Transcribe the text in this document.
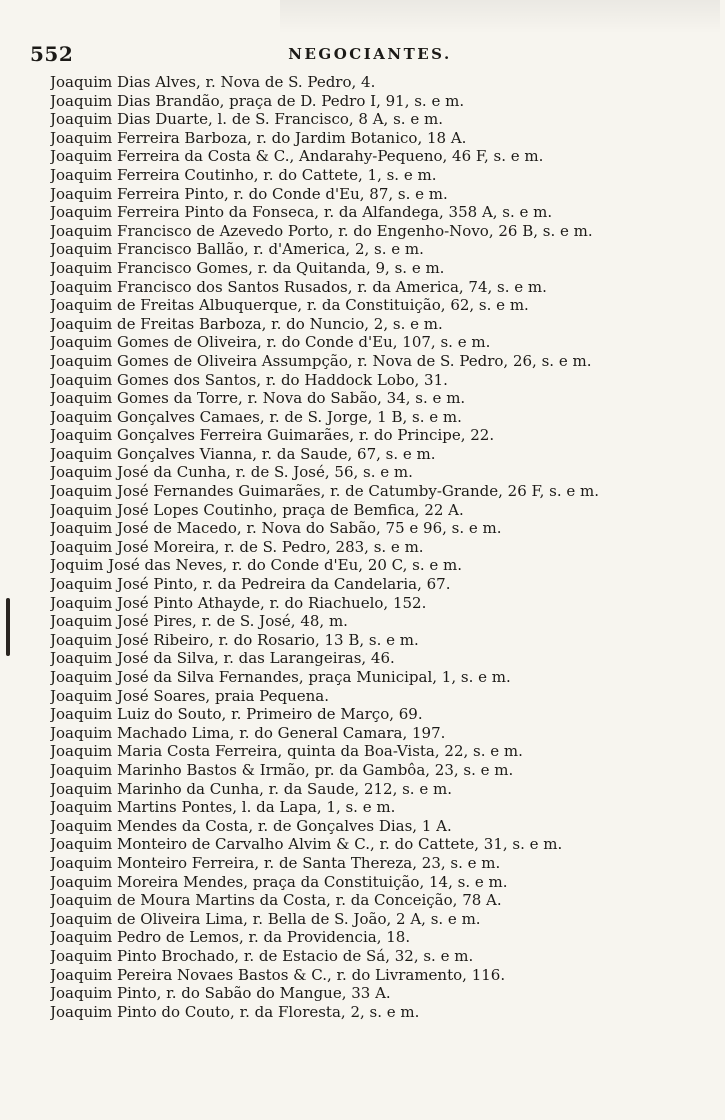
552	NEGOCIANTES.
Joaquim Dias Alves, r. Nova de S. Pedro, 4.
Joaquim Dias Brandão, praça de D. Pedro I, 91, s. e m.
Joaquim Dias Duarte, l. de S. Francisco, 8 A, s. e m.
Joaquim Ferreira Barboza, r. do Jardim Botanico, 18 A.
Joaquim Ferreira da Costa & C., Andarahy-Pequeno, 46 F, s. e m.
Joaquim Ferreira Coutinho, r. do Cattete, 1, s. e m.
Joaquim Ferreira Pinto, r. do Conde d'Eu, 87, s. e m.
Joaquim Ferreira Pinto da Fonseca, r. da Alfandega, 358 A, s. e m.
Joaquim Francisco de Azevedo Porto, r. do Engenho-Novo, 26 B, s. e m.
Joaquim Francisco Ballão, r. d'America, 2, s. e m.
Joaquim Francisco Gomes, r. da Quitanda, 9, s. e m.
Joaquim Francisco dos Santos Rusados, r. da America, 74, s. e m.
Joaquim de Freitas Albuquerque, r. da Constituição, 62, s. e m.
Joaquim de Freitas Barboza, r. do Nuncio, 2, s. e m.
Joaquim Gomes de Oliveira, r. do Conde d'Eu, 107, s. e m.
Joaquim Gomes de Oliveira Assumpção, r. Nova de S. Pedro, 26, s. e m.
Joaquim Gomes dos Santos, r. do Haddock Lobo, 31.
Joaquim Gomes da Torre, r. Nova do Sabão, 34, s. e m.
Joaquim Gonçalves Camaes, r. de S. Jorge, 1 B, s. e m.
Joaquim Gonçalves Ferreira Guimarães, r. do Principe, 22.
Joaquim Gonçalves Vianna, r. da Saude, 67, s. e m.
Joaquim José da Cunha, r. de S. José, 56, s. e m.
Joaquim José Fernandes Guimarães, r. de Catumby-Grande, 26 F, s. e m.
Joaquim José Lopes Coutinho, praça de Bemfica, 22 A.
Joaquim José de Macedo, r. Nova do Sabão, 75 e 96, s. e m.
Joaquim José Moreira, r. de S. Pedro, 283, s. e m.
Joquim José das Neves, r. do Conde d'Eu, 20 C, s. e m.
Joaquim José Pinto, r. da Pedreira da Candelaria, 67.
Joaquim José Pinto Athayde, r. do Riachuelo, 152.
Joaquim José Pires, r. de S. José, 48, m.
Joaquim José Ribeiro, r. do Rosario, 13 B, s. e m.
Joaquim José da Silva, r. das Larangeiras, 46.
Joaquim José da Silva Fernandes, praça Municipal, 1, s. e m.
Joaquim José Soares, praia Pequena.
Joaquim Luiz do Souto, r. Primeiro de Março, 69.
Joaquim Machado Lima, r. do General Camara, 197.
Joaquim Maria Costa Ferreira, quinta da Boa-Vista, 22, s. e m.
Joaquim Marinho Bastos & Irmão, pr. da Gambôa, 23, s. e m.
Joaquim Marinho da Cunha, r. da Saude, 212, s. e m.
Joaquim Martins Pontes, l. da Lapa, 1, s. e m.
Joaquim Mendes da Costa, r. de Gonçalves Dias, 1 A.
Joaquim Monteiro de Carvalho Alvim & C., r. do Cattete, 31, s. e m.
Joaquim Monteiro Ferreira, r. de Santa Thereza, 23, s. e m.
Joaquim Moreira Mendes, praça da Constituição, 14, s. e m.
Joaquim de Moura Martins da Costa, r. da Conceição, 78 A.
Joaquim de Oliveira Lima, r. Bella de S. João, 2 A, s. e m.
Joaquim Pedro de Lemos, r. da Providencia, 18.
Joaquim Pinto Brochado, r. de Estacio de Sá, 32, s. e m.
Joaquim Pereira Novaes Bastos & C., r. do Livramento, 116.
Joaquim Pinto, r. do Sabão do Mangue, 33 A.
Joaquim Pinto do Couto, r. da Floresta, 2, s. e m.
